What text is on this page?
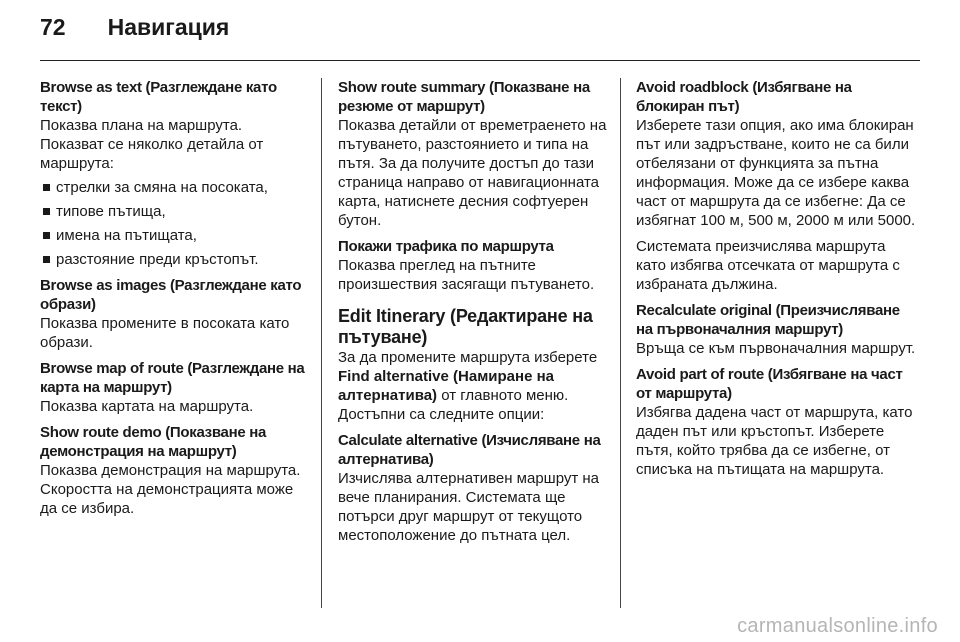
72 Навигация
Browse as text (Разглеждане като текст)

Показва плана на маршрута. Показват се няколко детайла от маршрута:

стрелки за смяна на посоката,
типове пътища,
имена на пътищата,
разстояние преди кръстопът.
Browse as images (Разглеждане като образи)

Показва промените в посоката като образи.

Browse map of route (Разглеждане на карта на маршрут)

Показва картата на маршрута.

Show route demo (Показване на демонстрация на маршрут)

Показва демонстрация на маршрута. Скоростта на демонстрацията може да се избира.

Show route summary (Показване на резюме от маршрут)

Показва детайли от времетраенето на пътуването, разстоянието и типа на пътя. За да получите достъп до тази страница направо от навигационната карта, натиснете десния софтуерен бутон.

Покажи трафика по маршрута

Показва преглед на пътните произшествия засягащи пътуването.

Edit Itinerary (Редактиране на пътуване)

За да промените маршрута изберете Find alternative (Намиране на алтернатива) от главното меню. Достъпни са следните опции:

Calculate alternative (Изчисляване на алтернатива)

Изчислява алтернативен маршрут на вече планирания. Системата ще потърси друг маршрут от текущото местоположение до пътната цел.

Avoid roadblock (Избягване на блокиран път)

Изберете тази опция, ако има блокиран път или задръстване, които не са били отбелязани от функцията за пътна информация. Може да се избере каква част от маршрута да се избегне: Да се избягнат 100 м, 500 м, 2000 м или 5000.

Системата преизчислява маршрута като избягва отсечката от маршрута с избраната дължина.

Recalculate original (Преизчисляване на първоначалния маршрут)

Връща се към първоначалния маршрут.

Avoid part of route (Избягване на част от маршрута)

Избягва дадена част от маршрута, като даден път или кръстопът. Изберете пътя, който трябва да се избегне, от списъка на пътищата на маршрута.

carmanualsonline.info
